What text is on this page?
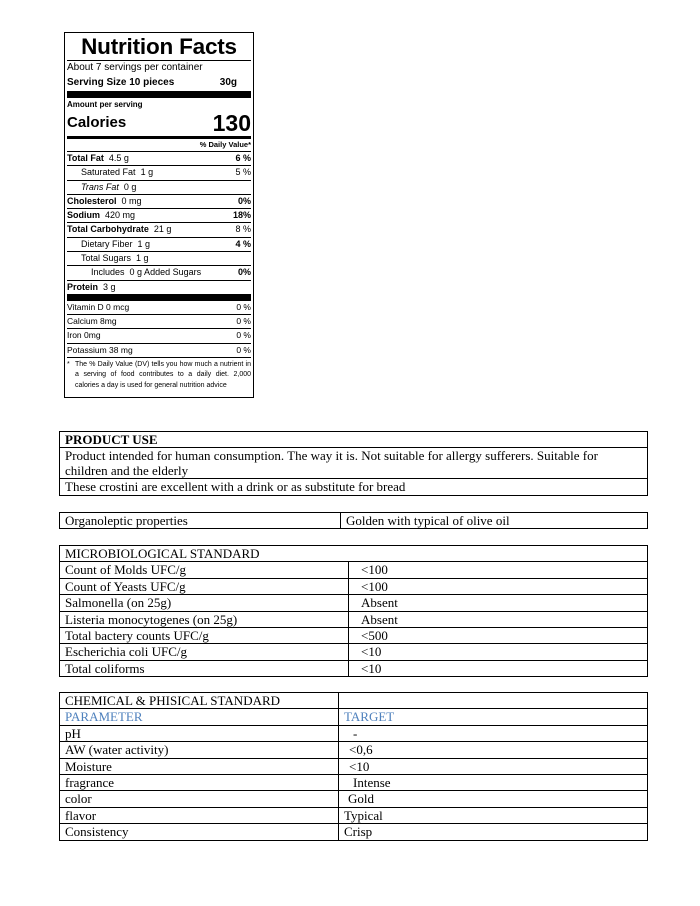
Nutrition Facts
About 7 servings per container
Serving Size 10 pieces	30g
Amount per serving
Calories	130
% Daily Value*
Total Fat 4.5 g	6 %
Saturated Fat 1 g	5 %
Trans Fat 0 g
Cholesterol 0 mg	0%
Sodium 420 mg	18%
Total Carbohydrate 21 g	8 %
Dietary Fiber 1 g	4 %
Total Sugars 1 g
Includes 0 g Added Sugars	0%
Protein 3 g
Vitamin D 0 mcg	0 %
Calcium 8mg	0 %
Iron 0mg	0 %
Potassium 38 mg	0 %
* The % Daily Value (DV) tells you how much a nutrient in a serving of food contributes to a daily diet. 2,000 calories a day is used for general nutrition advice
PRODUCT USE
Product intended for human consumption. The way it is. Not suitable for allergy sufferers. Suitable for children and the elderly
These crostini are excellent with a drink or as substitute for bread
Organoleptic properties	Golden with typical of olive oil
MICROBIOLOGICAL STANDARD	
Count of Molds UFC/g	<100
Count of Yeasts UFC/g	<100
Salmonella (on 25g)	Absent
Listeria monocytogenes (on 25g)	Absent
Total bactery counts UFC/g	<500
Escherichia coli UFC/g	<10
Total coliforms	<10
CHEMICAL & PHISICAL STANDARD	
PARAMETER	TARGET
pH	-
AW (water activity)	<0,6
Moisture	<10
fragrance	Intense
color	Gold
flavor	Typical
Consistency	Crisp
